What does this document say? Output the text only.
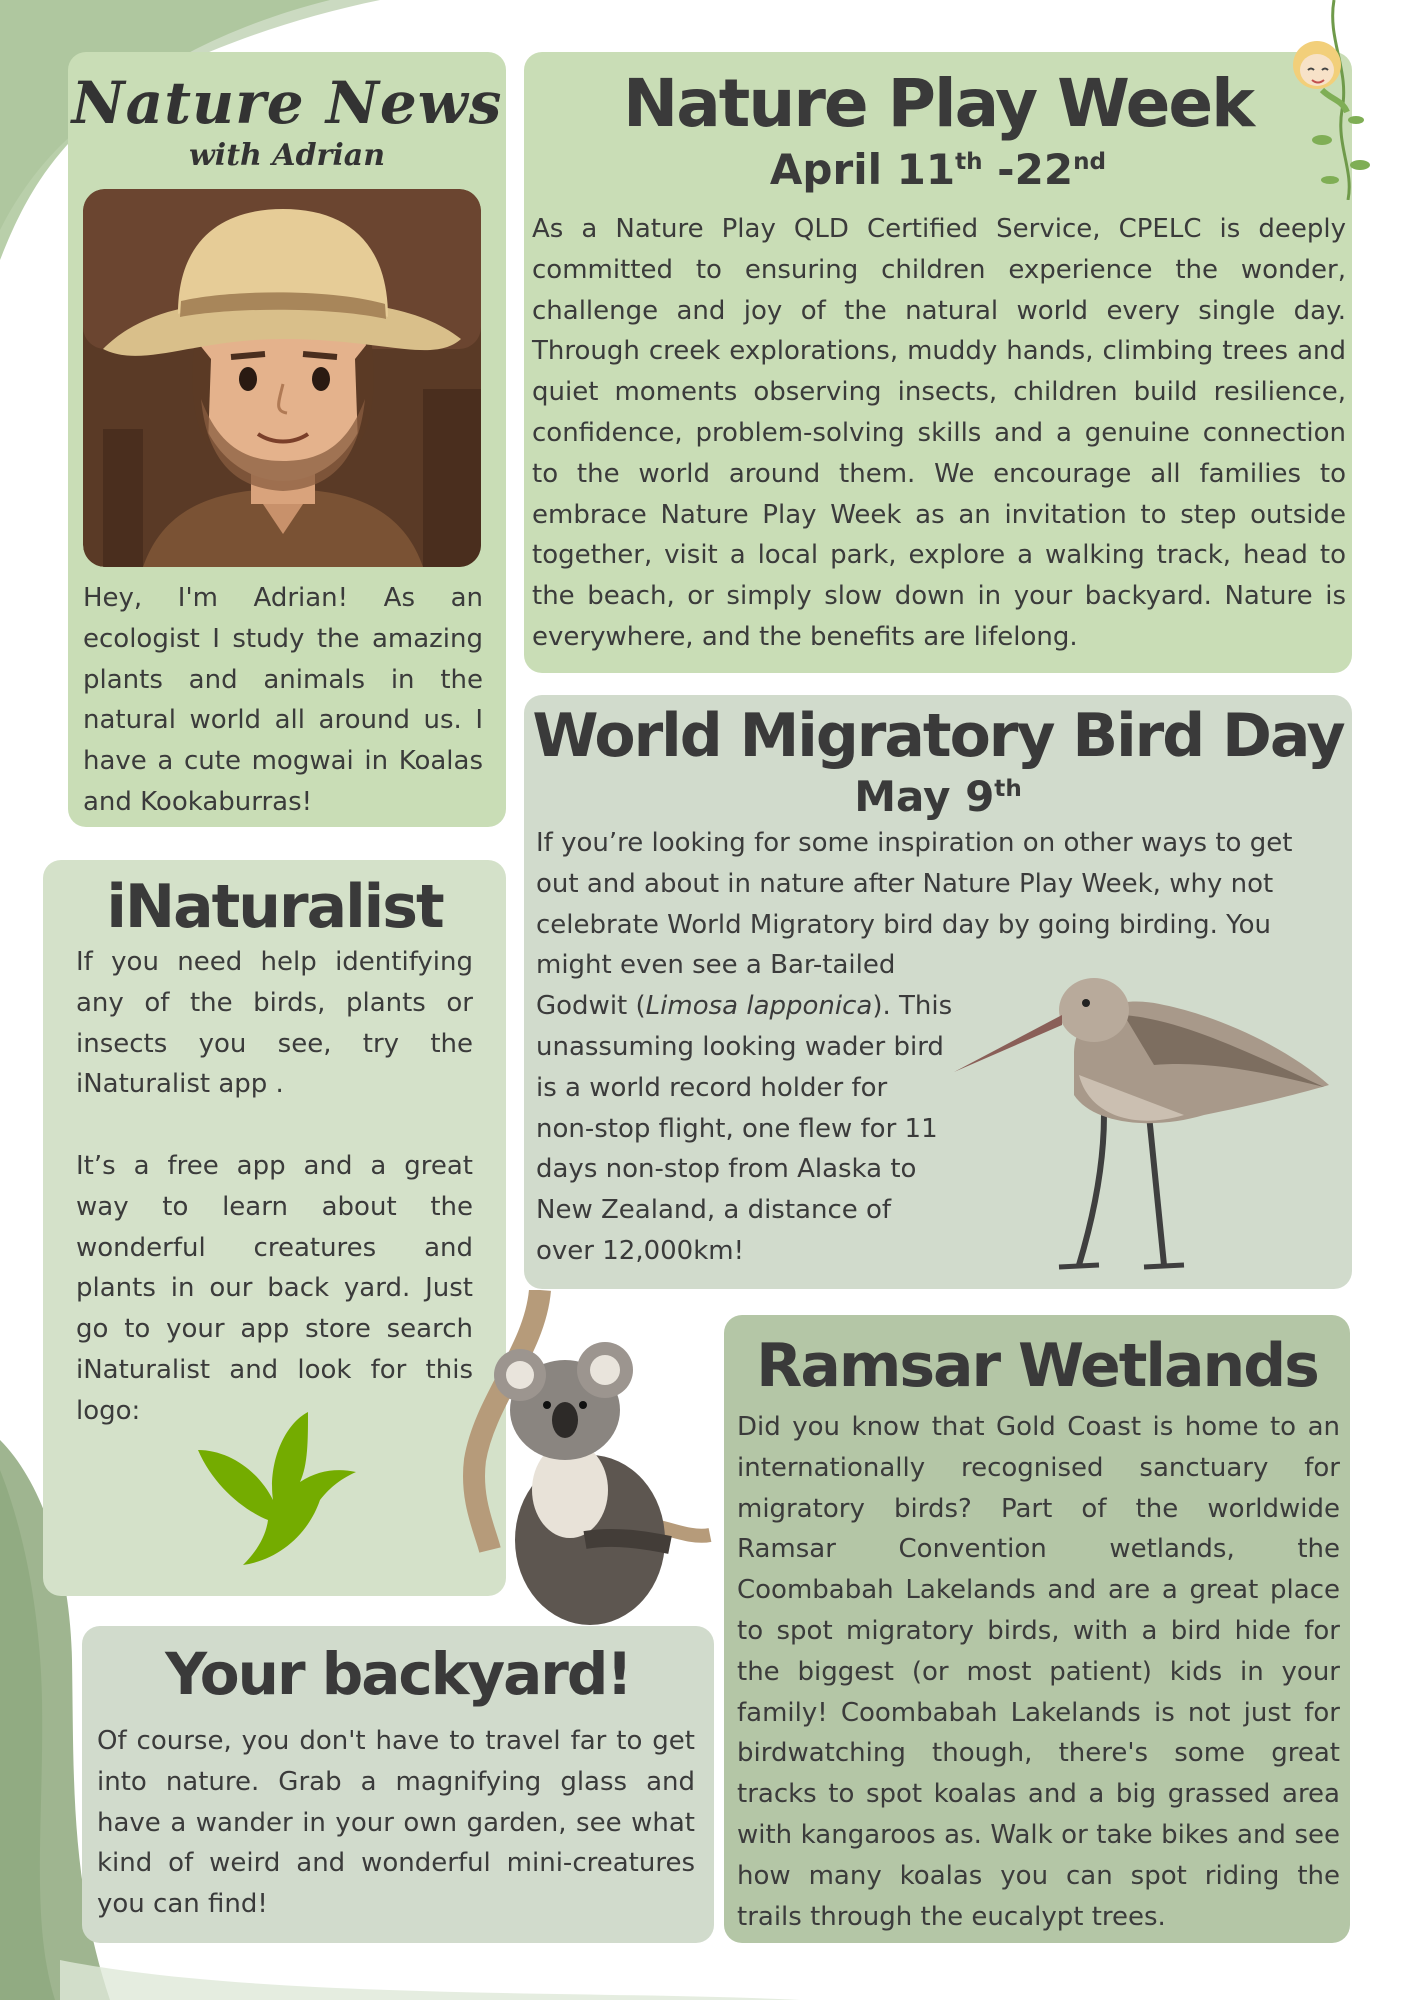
Nature News

with Adrian

Hey, I'm Adrian! As an ecologist I study the amazing plants and animals in the natural world all around us. I have a cute mogwai in Koalas and Kookaburras!

Nature Play Week

April 11th -22nd

As a Nature Play QLD Certified Service, CPELC is deeply committed to ensuring children experience the wonder, challenge and joy of the natural world every single day. Through creek explorations, muddy hands, climbing trees and quiet moments observing insects, children build resilience, confidence, problem-solving skills and a genuine connection to the world around them. We encourage all families to embrace Nature Play Week as an invitation to step outside together, visit a local park, explore a walking track, head to the beach, or simply slow down in your backyard. Nature is everywhere, and the benefits are lifelong.

World Migratory Bird Day

May 9th

If you’re looking for some inspiration on other ways to get

out and about in nature after Nature Play Week, why not

celebrate World Migratory bird day by going birding. You

might even see a Bar-tailed

Godwit (Limosa lapponica). This

unassuming looking wader bird

is a world record holder for

non-stop flight, one flew for 11

days non-stop from Alaska to

New Zealand, a distance of

over 12,000km!

iNaturalist

If you need help identifying any of the birds, plants or insects you see, try the iNaturalist app .

It’s a free app and a great way to learn about the wonderful creatures and plants in our back yard. Just go to your app store search iNaturalist and look for this logo:

Ramsar Wetlands

Did you know that Gold Coast is home to an internationally recognised sanctuary for migratory birds? Part of the worldwide Ramsar Convention wetlands, the Coombabah Lakelands and are a great place to spot migratory birds, with a bird hide for the biggest (or most patient) kids in your family! Coombabah Lakelands is not just for birdwatching though, there's some great tracks to spot koalas and a big grassed area with kangaroos as. Walk or take bikes and see how many koalas you can spot riding the trails through the eucalypt trees.

Your backyard!

Of course, you don't have to travel far to get into nature. Grab a magnifying glass and have a wander in your own garden, see what kind of weird and wonderful mini-creatures you can find!
